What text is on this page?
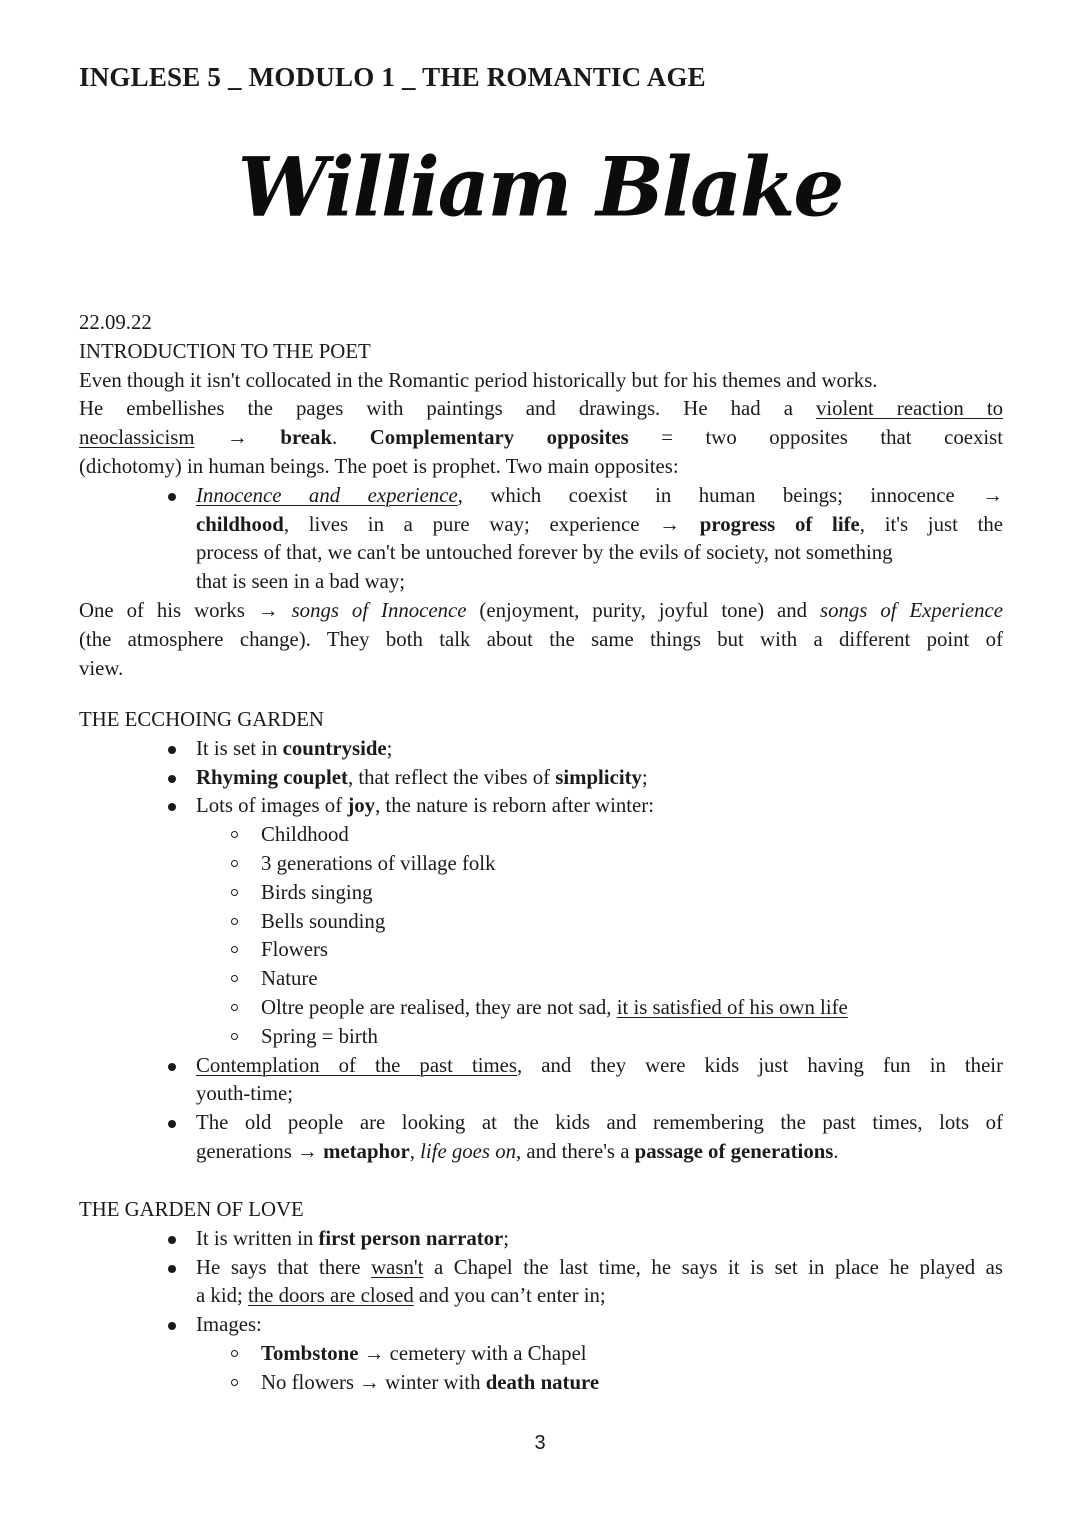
INGLESE 5 _ MODULO 1 _ THE ROMANTIC AGE
William Blake
22.09.22
INTRODUCTION TO THE POET
Even though it isn't collocated in the Romantic period historically but for his themes and works.
He embellishes the pages with paintings and drawings. He had a violent reaction to
neoclassicism → break. Complementary opposites = two opposites that coexist
(dichotomy) in human beings. The poet is prophet. Two main opposites:
Innocence and experience, which coexist in human beings; innocence →
childhood, lives in a pure way; experience → progress of life, it's just the
process of that, we can't be untouched forever by the evils of society, not something
that is seen in a bad way;
One of his works → songs of Innocence (enjoyment, purity, joyful tone) and songs of Experience
(the atmosphere change). They both talk about the same things but with a different point of
view.
THE ECCHOING GARDEN
It is set in countryside;
Rhyming couplet, that reflect the vibes of simplicity;
Lots of images of joy, the nature is reborn after winter:
Childhood
3 generations of village folk
Birds singing
Bells sounding
Flowers
Nature
Oltre people are realised, they are not sad, it is satisfied of his own life
Spring = birth
Contemplation of the past times, and they were kids just having fun in their
youth-time;
The old people are looking at the kids and remembering the past times, lots of
generations → metaphor, life goes on, and there's a passage of generations.
THE GARDEN OF LOVE
It is written in first person narrator;
He says that there wasn't a Chapel the last time, he says it is set in place he played as
a kid; the doors are closed and you can’t enter in;
Images:
Tombstone → cemetery with a Chapel
No flowers → winter with death nature
3
